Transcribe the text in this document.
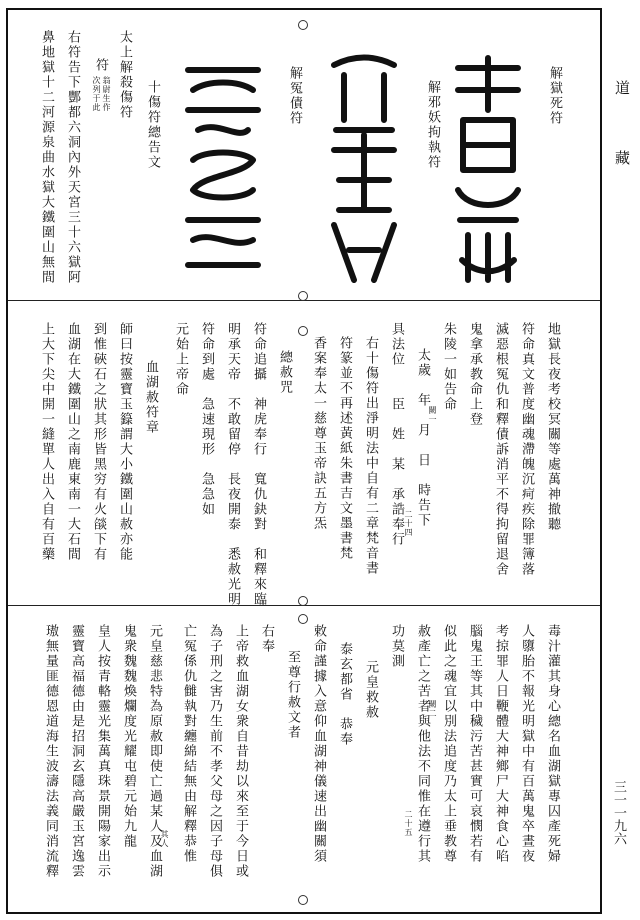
道
藏
三一一九六
解獄死符
解邪妖拘執符
解冤債符
十傷符總告文
太上解殺傷符
符
翁尉生作
次列于此
右符告下酆都六洞內外天宮三十六獄阿
鼻地獄十二河源泉曲水獄大鐵圍山無間
地獄長夜考校冥關等處萬神撤聽
符命真文普度幽魂滯魄沉疴疾除罪簿落
滅惡根冤仇和釋債訴消平不得拘留退舍
鬼拿承教命上登
朱陵一如告命
太歲　年　月　日　時告下
闕一
具法位　　臣　姓　某　承誥奉行
右十傷符出淨明法中自有二章梵音書	二十四
符篆並不再述黃紙朱書吉文墨書梵
香案奉太一慈尊玉帝訣五方炁
總赦咒
符命追攝　神虎奉行　寬仇鈌對　和釋來臨
明承天帝　不敢留停　長夜開泰　悉赦光明
符命到處　急速現形　急急如
元始上帝命
血湖赦符章
師曰按靈寶玉籙謂大小鐵圍山赦亦能
到惟硤石之狀其形皆黑穷有火燄下有
血湖在大鐵圍山之南鹿東南一大石間
上大下尖中開一縫單人出入自有百藥
毒汁灌其身心總名血湖獄專囚產死婦
人隳胎不報光明獄中有百萬鬼卒晝夜
考掠罪人日鞭體大神鄉尸大神食心啗
腦鬼王等其中穢污苦甚實可哀憫若有
似此之魂宜以別法追度乃太上垂教尊
赦產亡之苦者與他法不同惟在遵行其
功莫測
闕二
元皇救赦
二十五
泰玄都省　恭奉
敕命謹據入意仰血湖神儀速出幽關須
至尊行赦文者
右奉
上帝救血湖女衆自昔劫以來至于今日或
為子刑之害乃生前不孝父母之因子母俱
亡冤係仇雠執對纏綿結無由解釋恭惟
元皇慈悲特為原赦即使亡過某人及血湖
其人
鬼衆魏魏煥爛度光耀屯碧元始九龍
皇人按青輅靈光集萬真珠景開陽家出示
靈寶高福德由是招洞玄隱高嚴玉宮逸雲
璈無量匪德恩道海生波濤法義同消流釋
